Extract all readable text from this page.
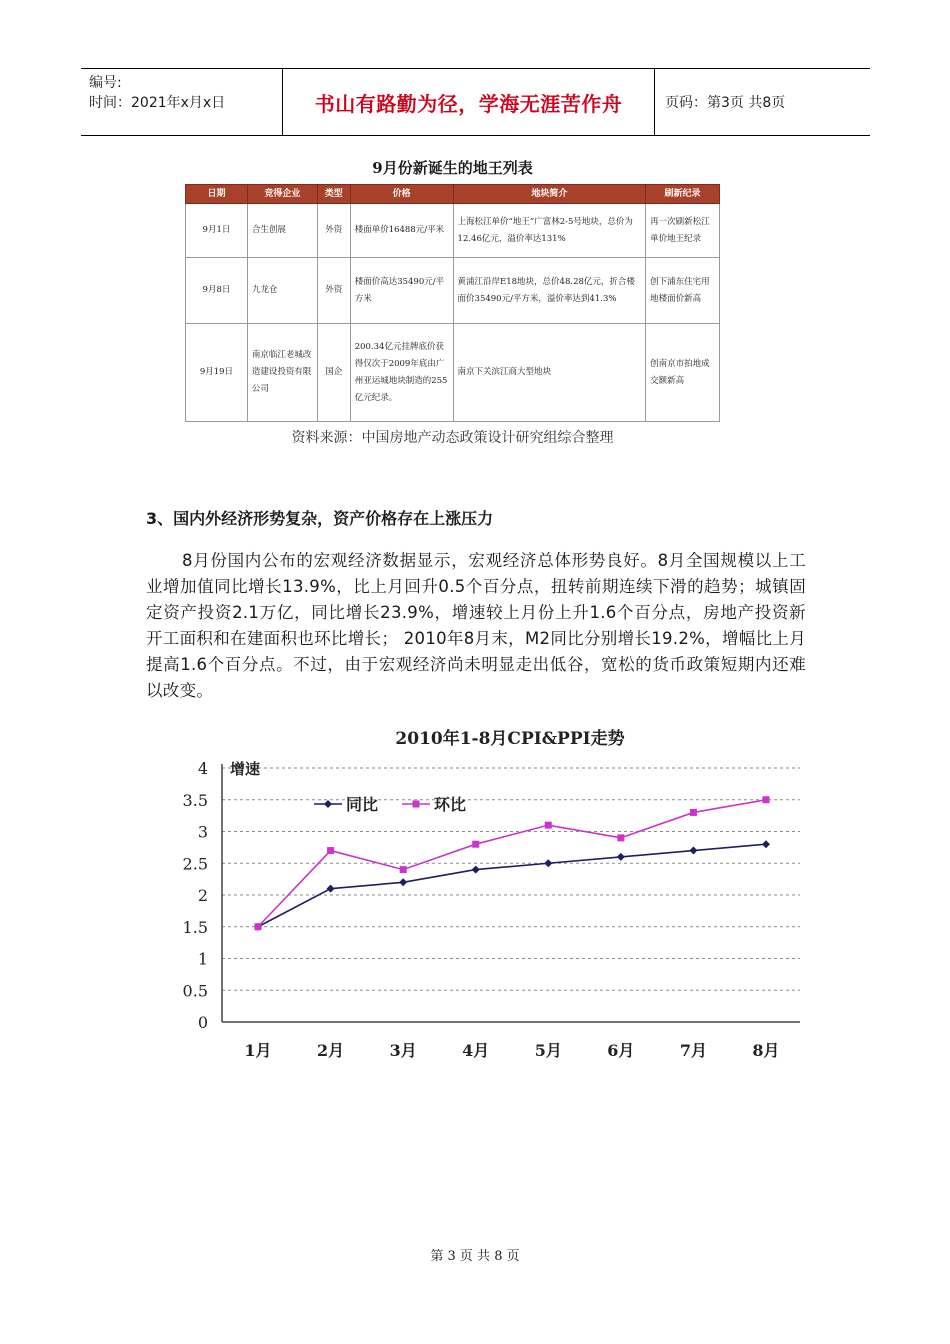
编号:
时间：2021年x月x日	书山有路勤为径，学海无涯苦作舟	页码：第3页 共8页
9月份新诞生的地王列表
日期	竞得企业	类型	价格	地块简介	刷新纪录
9月1日	合生创展	外资	楼面单价16488元/平米	上海松江单价“地王”广富林2-5号地块，总价为12.46亿元，溢价率达131%	再一次刷新松江单价地王纪录
9月8日	九龙仓	外资	楼面价高达35490元/平方米	黄浦江沿岸E18地块，总价48.28亿元，折合楼面价35490元/平方米，溢价率达到41.3%	创下浦东住宅用地楼面价新高
9月19日	南京临江老城改造建设投资有限公司	国企	200.34亿元挂牌底价获得仅次于2009年底由广州亚运城地块制造的255亿元纪录。	南京下关滨江商大型地块	创南京市拍地成交额新高
资料来源：中国房地产动态政策设计研究组综合整理
3、国内外经济形势复杂，资产价格存在上涨压力
8月份国内公布的宏观经济数据显示，宏观经济总体形势良好。8月全国规模以上工业增加值同比增长13.9%，比上月回升0.5个百分点，扭转前期连续下滑的趋势；城镇固定资产投资2.1万亿，同比增长23.9%，增速较上月份上升1.6个百分点，房地产投资新开工面积和在建面积也环比增长； 2010年8月末，M2同比分别增长19.2%，增幅比上月提高1.6个百分点。不过，由于宏观经济尚未明显走出低谷，宽松的货币政策短期内还难以改变。
2010年1-8月CPI&PPI走势
0
0.5
1
1.5
2
2.5
3
3.5
4 增速
1月	2月	3月	4月	5月	6月	7月	8月
同比	环比
第 3 页 共 8 页
